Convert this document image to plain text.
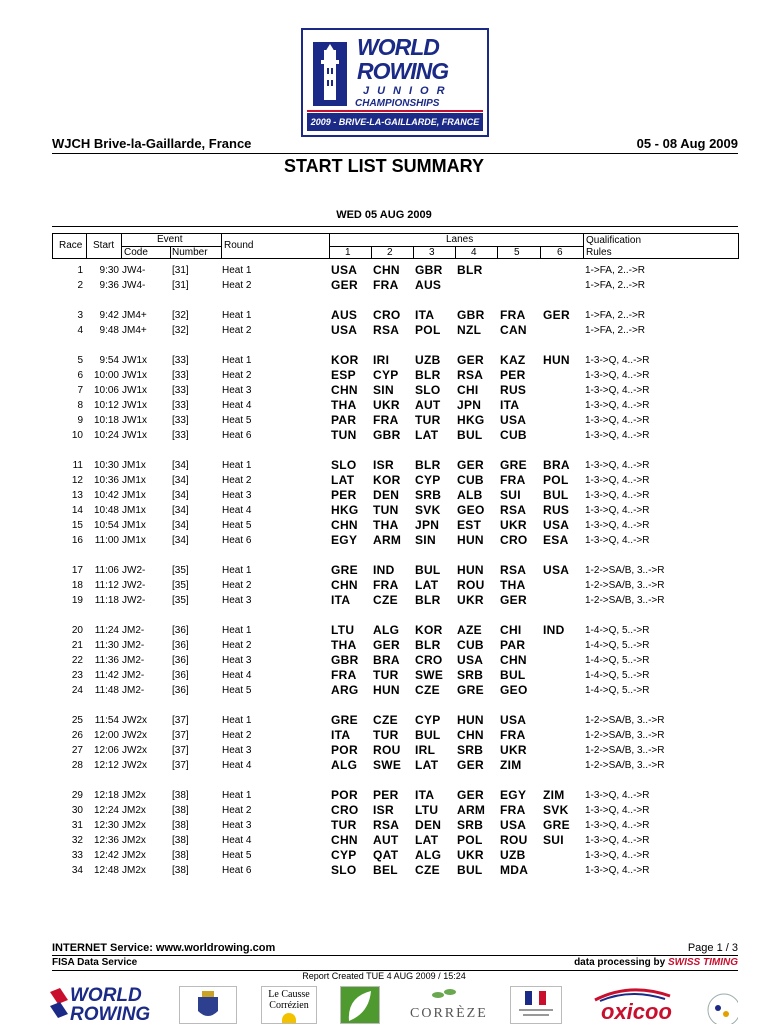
WORLD
ROWING
JUNIOR
CHAMPIONSHIPS
2009 - BRIVE-LA-GAILLARDE, FRANCE
WJCH Brive-la-Gaillarde, France	05 - 08 Aug 2009
START LIST SUMMARY
WED 05 AUG 2009
Race Start
Event
Code Number
Round
Lanes
1	2	3	4	5	6
Qualification
Rules
1	9:30 JW4-	[31]	Heat 1	USA CHN GBR BLR	1->FA, 2..->R
2	9:36 JW4-	[31]	Heat 2	GER FRA AUS	1->FA, 2..->R
3	9:42 JM4+	[32]	Heat 1	AUS CRO ITA GBR FRA GER 1->FA, 2..->R
4	9:48 JM4+	[32]	Heat 2	USA RSA POL NZL CAN	1->FA, 2..->R
5	9:54 JW1x	[33]	Heat 1	KOR IRI UZB GER KAZ HUN 1-3->Q, 4..->R
6	10:00 JW1x	[33]	Heat 2	ESP CYP BLR RSA PER	1-3->Q, 4..->R
7	10:06 JW1x	[33]	Heat 3	CHN SIN SLO CHI RUS	1-3->Q, 4..->R
8	10:12 JW1x	[33]	Heat 4	THA UKR AUT JPN ITA	1-3->Q, 4..->R
9	10:18 JW1x	[33]	Heat 5	PAR FRA TUR HKG USA	1-3->Q, 4..->R
10	10:24 JW1x	[33]	Heat 6	TUN GBR LAT BUL CUB	1-3->Q, 4..->R
11	10:30 JM1x	[34]	Heat 1	SLO ISR BLR GER GRE BRA 1-3->Q, 4..->R
12	10:36 JM1x	[34]	Heat 2	LAT KOR CYP CUB FRA POL 1-3->Q, 4..->R
13	10:42 JM1x	[34]	Heat 3	PER DEN SRB ALB SUI BUL 1-3->Q, 4..->R
14	10:48 JM1x	[34]	Heat 4	HKG TUN SVK GEO RSA RUS 1-3->Q, 4..->R
15	10:54 JM1x	[34]	Heat 5	CHN THA JPN EST UKR USA 1-3->Q, 4..->R
16	11:00 JM1x	[34]	Heat 6	EGY ARM SIN HUN CRO ESA 1-3->Q, 4..->R
17	11:06 JW2-	[35]	Heat 1	GRE IND BUL HUN RSA USA 1-2->SA/B, 3..->R
18	11:12 JW2-	[35]	Heat 2	CHN FRA LAT ROU THA	1-2->SA/B, 3..->R
19	11:18 JW2-	[35]	Heat 3	ITA CZE BLR UKR GER	1-2->SA/B, 3..->R
20	11:24 JM2-	[36]	Heat 1	LTU ALG KOR AZE CHI IND 1-4->Q, 5..->R
21	11:30 JM2-	[36]	Heat 2	THA GER BLR CUB PAR	1-4->Q, 5..->R
22	11:36 JM2-	[36]	Heat 3	GBR BRA CRO USA CHN	1-4->Q, 5..->R
23	11:42 JM2-	[36]	Heat 4	FRA TUR SWE SRB BUL	1-4->Q, 5..->R
24	11:48 JM2-	[36]	Heat 5	ARG HUN CZE GRE GEO	1-4->Q, 5..->R
25	11:54 JW2x	[37]	Heat 1	GRE CZE CYP HUN USA	1-2->SA/B, 3..->R
26	12:00 JW2x	[37]	Heat 2	ITA TUR BUL CHN FRA	1-2->SA/B, 3..->R
27	12:06 JW2x	[37]	Heat 3	POR ROU IRL SRB UKR	1-2->SA/B, 3..->R
28	12:12 JW2x	[37]	Heat 4	ALG SWE LAT GER ZIM	1-2->SA/B, 3..->R
29	12:18 JM2x	[38]	Heat 1	POR PER ITA GER EGY ZIM 1-3->Q, 4..->R
30	12:24 JM2x	[38]	Heat 2	CRO ISR LTU ARM FRA SVK 1-3->Q, 4..->R
31	12:30 JM2x	[38]	Heat 3	TUR RSA DEN SRB USA GRE 1-3->Q, 4..->R
32	12:36 JM2x	[38]	Heat 4	CHN AUT LAT POL ROU SUI 1-3->Q, 4..->R
33	12:42 JM2x	[38]	Heat 5	CYP QAT ALG UKR UZB	1-3->Q, 4..->R
34	12:48 JM2x	[38]	Heat 6	SLO BEL CZE BUL MDA	1-3->Q, 4..->R
INTERNET Service: www.worldrowing.com	Page 1 / 3
FISA Data Service	data processing by SWISS TIMING
Report Created TUE 4 AUG 2009 / 15:24
WORLD
ROWING
Le Causse
Corrézien
CORRÈZE	oxicoo
